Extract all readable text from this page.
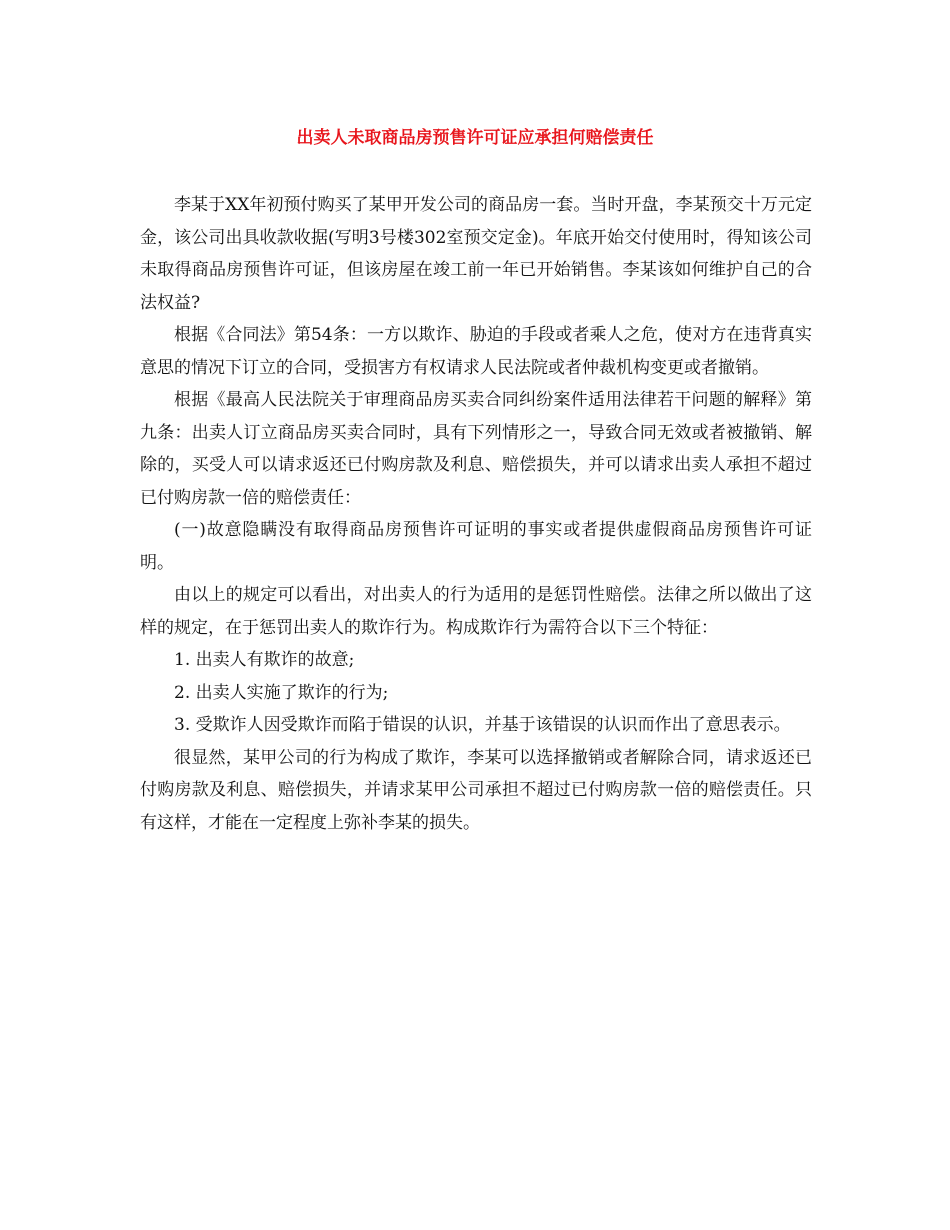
出卖人未取商品房预售许可证应承担何赔偿责任

李某于XX年初预付购买了某甲开发公司的商品房一套。当时开盘，李某预交十万元定金，该公司出具收款收据(写明3号楼302室预交定金)。年底开始交付使用时，得知该公司未取得商品房预售许可证，但该房屋在竣工前一年已开始销售。李某该如何维护自己的合法权益?

根据《合同法》第54条：一方以欺诈、胁迫的手段或者乘人之危，使对方在违背真实意思的情况下订立的合同，受损害方有权请求人民法院或者仲裁机构变更或者撤销。

根据《最高人民法院关于审理商品房买卖合同纠纷案件适用法律若干问题的解释》第九条：出卖人订立商品房买卖合同时，具有下列情形之一，导致合同无效或者被撤销、解除的，买受人可以请求返还已付购房款及利息、赔偿损失，并可以请求出卖人承担不超过已付购房款一倍的赔偿责任：

(一)故意隐瞒没有取得商品房预售许可证明的事实或者提供虚假商品房预售许可证明。

由以上的规定可以看出，对出卖人的行为适用的是惩罚性赔偿。法律之所以做出了这样的规定，在于惩罚出卖人的欺诈行为。构成欺诈行为需符合以下三个特征：

1. 出卖人有欺诈的故意;

2. 出卖人实施了欺诈的行为;

3. 受欺诈人因受欺诈而陷于错误的认识，并基于该错误的认识而作出了意思表示。

很显然，某甲公司的行为构成了欺诈，李某可以选择撤销或者解除合同，请求返还已付购房款及利息、赔偿损失，并请求某甲公司承担不超过已付购房款一倍的赔偿责任。只有这样，才能在一定程度上弥补李某的损失。
